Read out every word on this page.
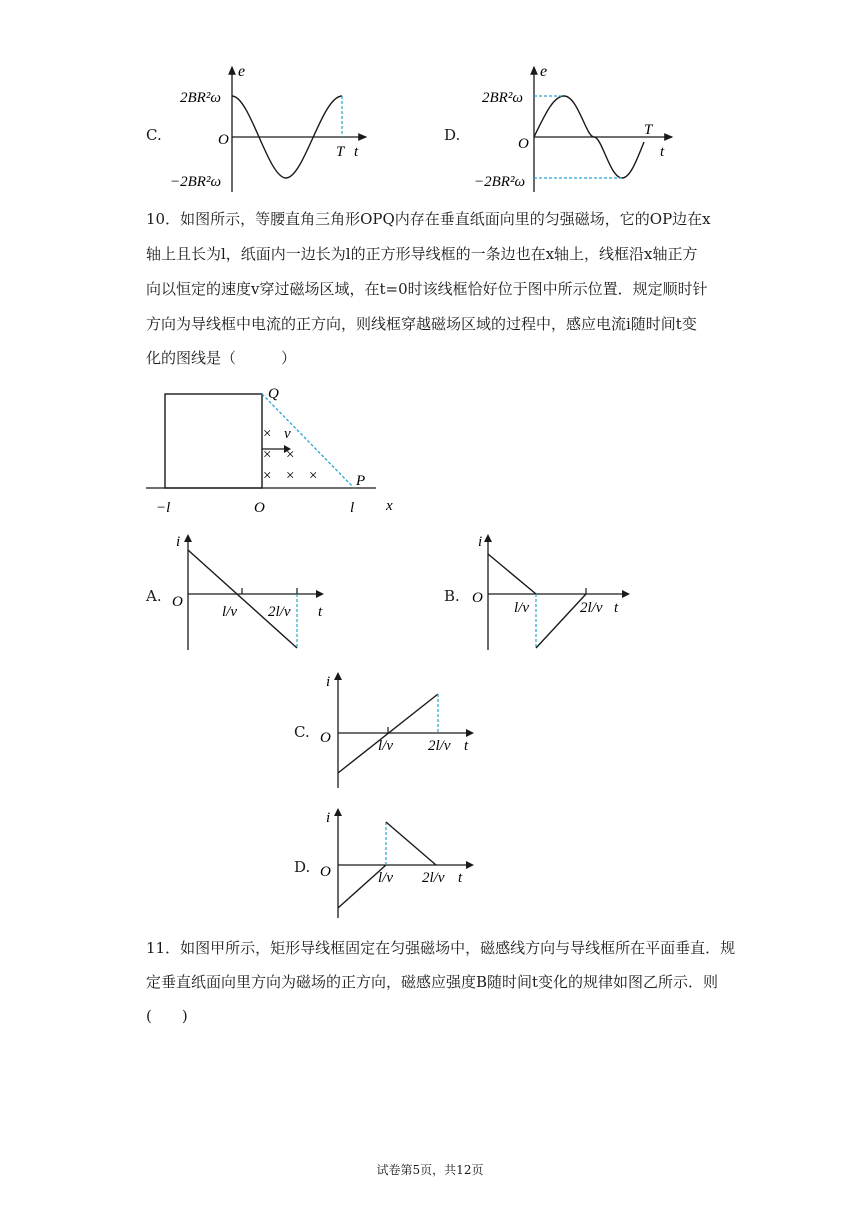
C.
e
O
2BR²ω
−2BR²ω
T t
D.
e
O
2BR²ω
−2BR²ω
T
t
10．如图所示，等腰直角三角形OPQ内存在垂直纸面向里的匀强磁场，它的OP边在x
轴上且长为l，纸面内一边长为l的正方形导线框的一条边也在x轴上，线框沿x轴正方
向以恒定的速度v穿过磁场区域，在t=0时该线框恰好位于图中所示位置．规定顺时针
方向为导线框中电流的正方向，则线框穿越磁场区域的过程中，感应电流i随时间t变
化的图线是（　　　）
×
× ×
× × ×
v
Q
P
−l	O	l x
A.
i
O
l/v 2l/v t
B.
i
O
l/v	2l/v t
C.
i
O	l/v 2l/v t
D.
i
O	l/v 2l/v t
11．如图甲所示，矩形导线框固定在匀强磁场中，磁感线方向与导线框所在平面垂直．规
定垂直纸面向里方向为磁场的正方向，磁感应强度B随时间t变化的规律如图乙所示．则
(　　)
试卷第5页，共12页
